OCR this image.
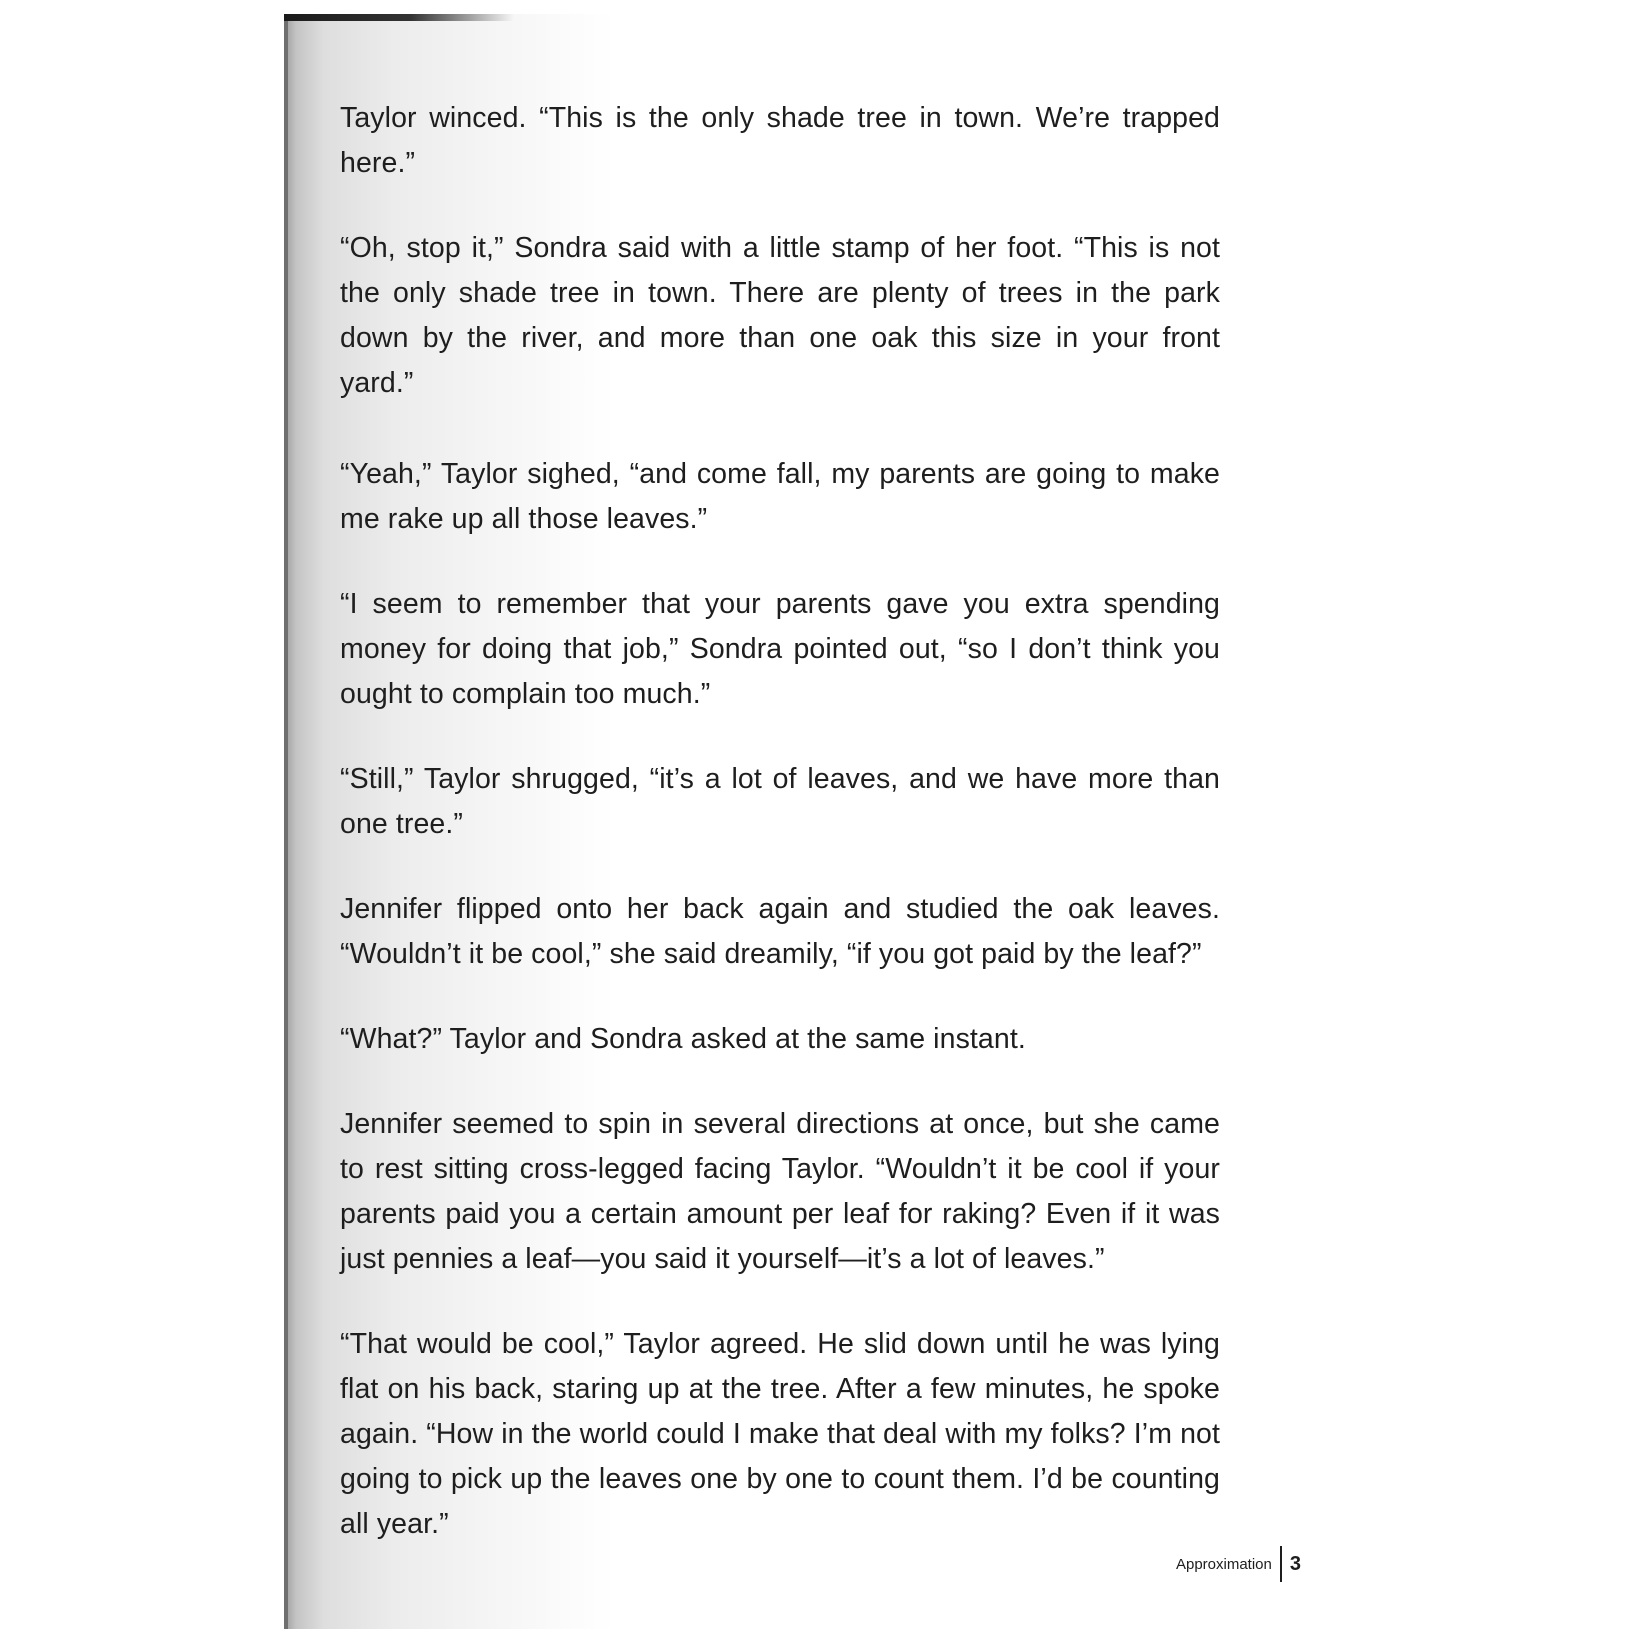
Taylor winced. “This is the only shade tree in town. We’re trapped here.”

“Oh, stop it,” Sondra said with a little stamp of her foot. “This is not the only shade tree in town. There are plenty of trees in the park down by the river, and more than one oak this size in your front yard.”

“Yeah,” Taylor sighed, “and come fall, my parents are going to make me rake up all those leaves.”

“I seem to remember that your parents gave you extra spending money for doing that job,” Sondra pointed out, “so I don’t think you ought to complain too much.”

“Still,” Taylor shrugged, “it’s a lot of leaves, and we have more than one tree.”

Jennifer flipped onto her back again and studied the oak leaves. “Wouldn’t it be cool,” she said dreamily, “if you got paid by the leaf?”

“What?” Taylor and Sondra asked at the same instant.

Jennifer seemed to spin in several directions at once, but she came to rest sitting cross-legged facing Taylor. “Wouldn’t it be cool if your parents paid you a certain amount per leaf for raking? Even if it was just pennies a leaf—you said it yourself—it’s a lot of leaves.”

“That would be cool,” Taylor agreed. He slid down until he was lying flat on his back, staring up at the tree. After a few minutes, he spoke again. “How in the world could I make that deal with my folks? I’m not going to pick up the leaves one by one to count them. I’d be counting all year.”

Approximation 3
